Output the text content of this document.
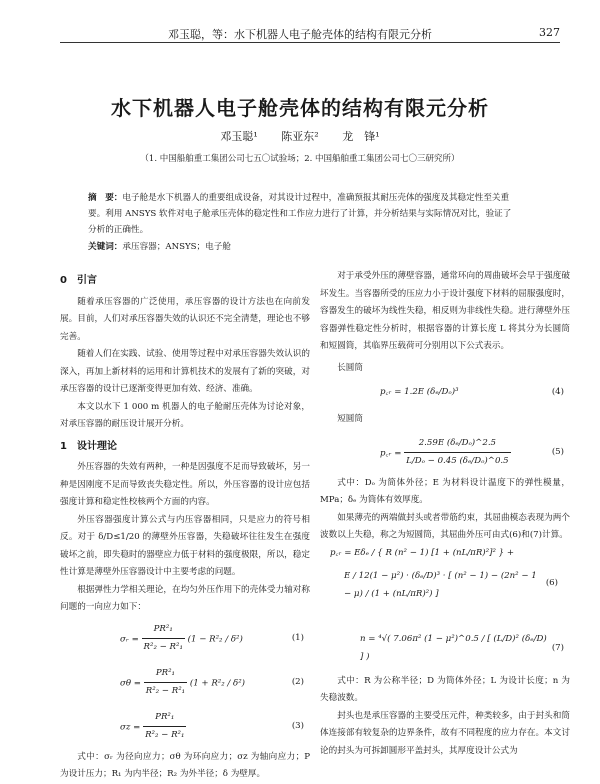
邓玉聪，等：水下机器人电子舱壳体的结构有限元分析	327
水下机器人电子舱壳体的结构有限元分析
邓玉聪¹ 陈亚东² 龙　锋¹
（1. 中国船舶重工集团公司七五〇试验场；2. 中国船舶重工集团公司七〇三研究所）
摘　要：电子舱是水下机器人的重要组成设备，对其设计过程中，准确预报其耐压壳体的强度及其稳定性至关重要。利用 ANSYS 软件对电子舱承压壳体的稳定性和工作应力进行了计算，并分析结果与实际情况对比，验证了分析的正确性。
关键词：承压容器；ANSYS；电子舱
0 引言

随着承压容器的广泛使用，承压容器的设计方法也在向前发展。目前，人们对承压容器失效的认识还不完全清楚，理论也不够完善。

随着人们在实践、试验、使用等过程中对承压容器失效认识的深入，再加上新材料的运用和计算机技术的发展有了新的突破，对承压容器的设计已逐渐变得更加有效、经济、准确。

本文以水下 1 000 m 机器人的电子舱耐压壳体为讨论对象，对承压容器的耐压设计展开分析。

1 设计理论

外压容器的失效有两种，一种是因强度不足而导致破坏，另一种是因刚度不足而导致丧失稳定性。所以，外压容器的设计应包括强度计算和稳定性校核两个方面的内容。

外压容器强度计算公式与内压容器相同，只是应力的符号相反。对于 δ/D≤1/20 的薄壁外压容器，失稳破坏往往发生在强度破坏之前，即失稳时的器壁应力低于材料的强度极限，所以，稳定性计算是薄壁外压容器设计中主要考虑的问题。

根据弹性力学相关理论，在均匀外压作用下的壳体受力轴对称问题的一向应力如下：

σᵣ = $\frac{\text{PR²₁}}{\text{R²₂ − R²₁}} (1 - R^2_2 / \delta^2)$	(1)
$\sigma\theta = \frac{\text{PR²₁}}{\text{R²₂ − R²₁}} (1 + R^2_2 / \delta^2)$	(2)
$\sigma z = \frac{\text{PR²₁}}{\text{R²₂ − R²₁}}$	(3)

式中：σᵣ 为径向应力；σθ 为环向应力；σz 为轴向应力；P 为设计压力；R₁ 为内半径；R₂ 为外半径；δ 为壁厚。

对于承受外压的薄壁容器，通常环向的周曲破坏会早于强度破坏发生。当容器所受的压应力小于设计强度下材料的屈服强度时，容器发生的破坏为线性失稳，相反则为非线性失稳。进行薄壁外压容器弹性稳定性分析时，根据容器的计算长度 L 将其分为长圆筒和短圆筒，其临界压载荷可分别用以下公式表示。

长圆筒
p꜀ᵣ = 1.2E (δₑ/Dₒ)³	(4)
短圆筒
p꜀ᵣ = $\frac{\text{2.59E (δₑ/Dₒ)\textasciicircum{}2.5}}{\text{L/Dₒ − 0.45 (δₑ/Dₒ)\textasciicircum{}0.5}}$	(5)

式中：Dₒ 为简体外径；E 为材料设计温度下的弹性模量，MPa；δₑ 为筒体有效厚度。

如果薄壳的两端做封头或者带筋约束，其屈曲模态表现为两个波数以上失稳，称之为短圆筒，其屈曲外压可由式(6)和(7)计算。

p꜀ᵣ = Eδₑ / { R (n² − 1) [1 + (nL/πR)²]² } +
E / 12(1 − μ²) · (δₑ/D)³ · [ (n² − 1) − (2n² − 1 − μ) / (1 + (nL/πR)²) ]
(6)
n = ⁴√( 7.06π² (1 − μ²)^0.5 / [ (L/D)² (δₑ/D) ] )
(7)

式中：R 为公称半径；D 为筒体外径；L 为设计长度；n 为失稳波数。

封头也是承压容器的主要受压元件，种类较多，由于封头和筒体连接部有较复杂的边界条件，故有不同程度的应力存在。本文讨论的封头为可拆卸圆形平盖封头，其厚度设计公式为
